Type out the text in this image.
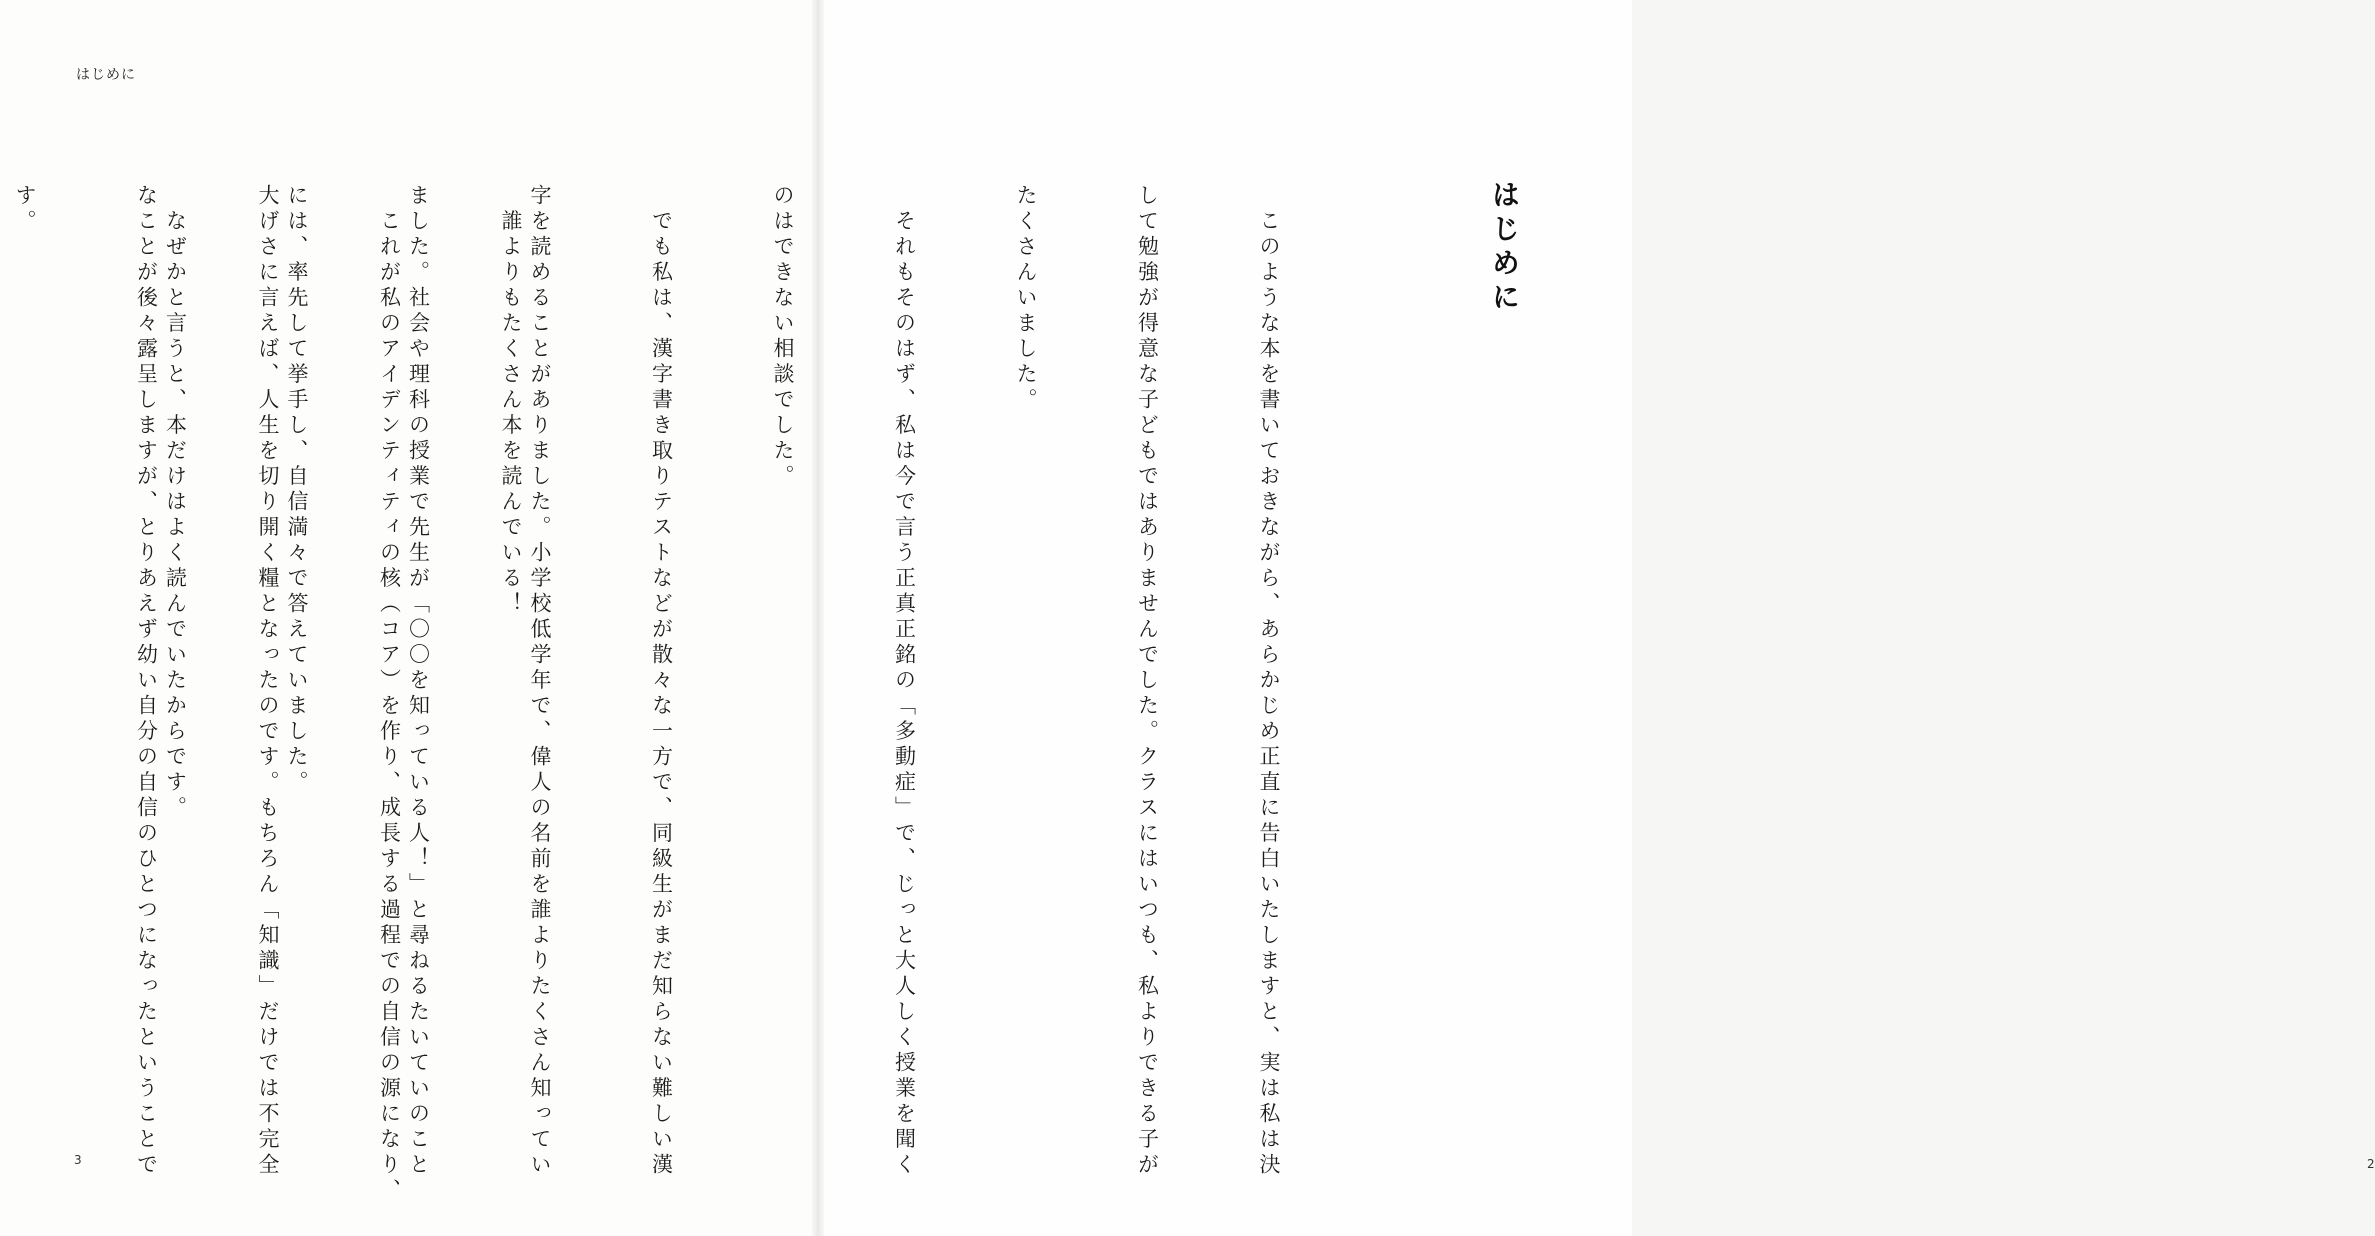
はじめに

　誰よりもたくさん本を読んでいる！

　これが私のアイデンティティの核（コア）を作り、成長する過程での自信の源になり、

大げさに言えば、人生を切り開く糧となったのです。もちろん「知識」だけでは不完全

なことが後々露呈しますが、とりあえず幼い自分の自信のひとつになったということで

す。

3	2
はじめに

　このような本を書いておきながら、あらかじめ正直に告白いたしますと、実は私は決

して勉強が得意な子どもではありませんでした。クラスにはいつも、私よりできる子が

たくさんいました。

　それもそのはず、私は今で言う正真正銘の「多動症」で、じっと大人しく授業を聞く

のはできない相談でした。

　でも私は、漢字書き取りテストなどが散々な一方で、同級生がまだ知らない難しい漢

字を読めることがありました。小学校低学年で、偉人の名前を誰よりたくさん知ってい

ました。社会や理科の授業で先生が「〇〇を知っている人！」と尋ねるたいていのこと

には、率先して挙手し、自信満々で答えていました。

　なぜかと言うと、本だけはよく読んでいたからです。
